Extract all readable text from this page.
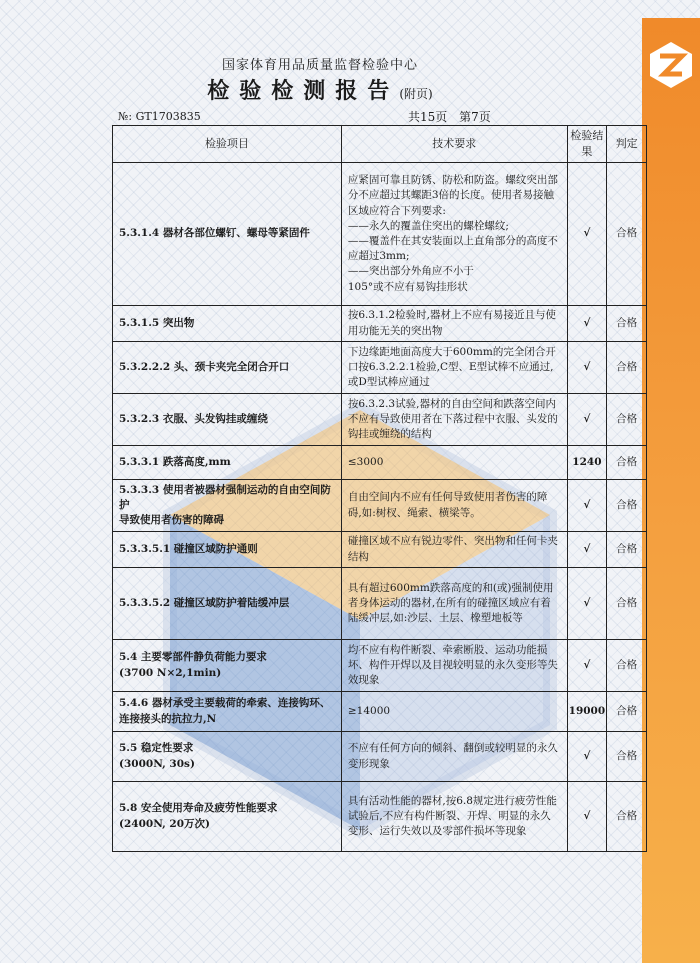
国家体育用品质量监督检验中心
检验检测报告(附页)
№: GT1703835	共15页 第7页
检验项目	技术要求	检验结果	判定

5.3.1.4 器材各部位螺钉、螺母等紧固件	应紧固可靠且防锈、防松和防盗。螺纹突出部分不应超过其螺距3倍的长度。使用者易接触区域应符合下列要求:
——永久的覆盖住突出的螺栓螺纹;
——覆盖件在其安装面以上直角部分的高度不应超过3mm;
——突出部分外角应不小于
105°或不应有易钩挂形状	√	合格

5.3.1.5 突出物	按6.3.1.2检验时,器材上不应有易接近且与使用功能无关的突出物	√	合格

5.3.2.2.2 头、颈卡夹完全闭合开口	下边缘距地面高度大于600mm的完全闭合开口按6.3.2.2.1检验,C型、E型试棒不应通过,或D型试棒应通过	√	合格

5.3.2.3 衣服、头发钩挂或缠绕	按6.3.2.3试验,器材的自由空间和跌落空间内不应有导致使用者在下落过程中衣服、头发的钩挂或缠绕的结构	√	合格

5.3.3.1 跌落高度,mm	≤3000	1240	合格

5.3.3.3 使用者被器材强制运动的自由空间防护
导致使用者伤害的障碍	自由空间内不应有任何导致使用者伤害的障碍,如:树杈、绳索、横梁等。	√	合格

5.3.3.5.1 碰撞区域防护通则	碰撞区域不应有锐边零件、突出物和任何卡夹结构	√	合格

5.3.3.5.2 碰撞区域防护着陆缓冲层	具有超过600mm跌落高度的和(或)强制使用者身体运动的器材,在所有的碰撞区域应有着陆缓冲层,如:沙层、土层、橡塑地板等	√	合格

5.4 主要零部件静负荷能力要求
(3700 N×2,1min)	均不应有构件断裂、牵索断股、运动功能损坏、构件开焊以及目视较明显的永久变形等失效现象	√	合格

5.4.6 器材承受主要载荷的牵索、连接钩环、连接接头的抗拉力,N	≥14000	19000	合格

5.5 稳定性要求
(3000N, 30s)	不应有任何方向的倾斜、翻倒或较明显的永久变形现象	√	合格

5.8 安全使用寿命及疲劳性能要求
(2400N, 20万次)	具有活动性能的器材,按6.8规定进行疲劳性能试验后,不应有构件断裂、开焊、明显的永久变形、运行失效以及零部件损坏等现象	√	合格
